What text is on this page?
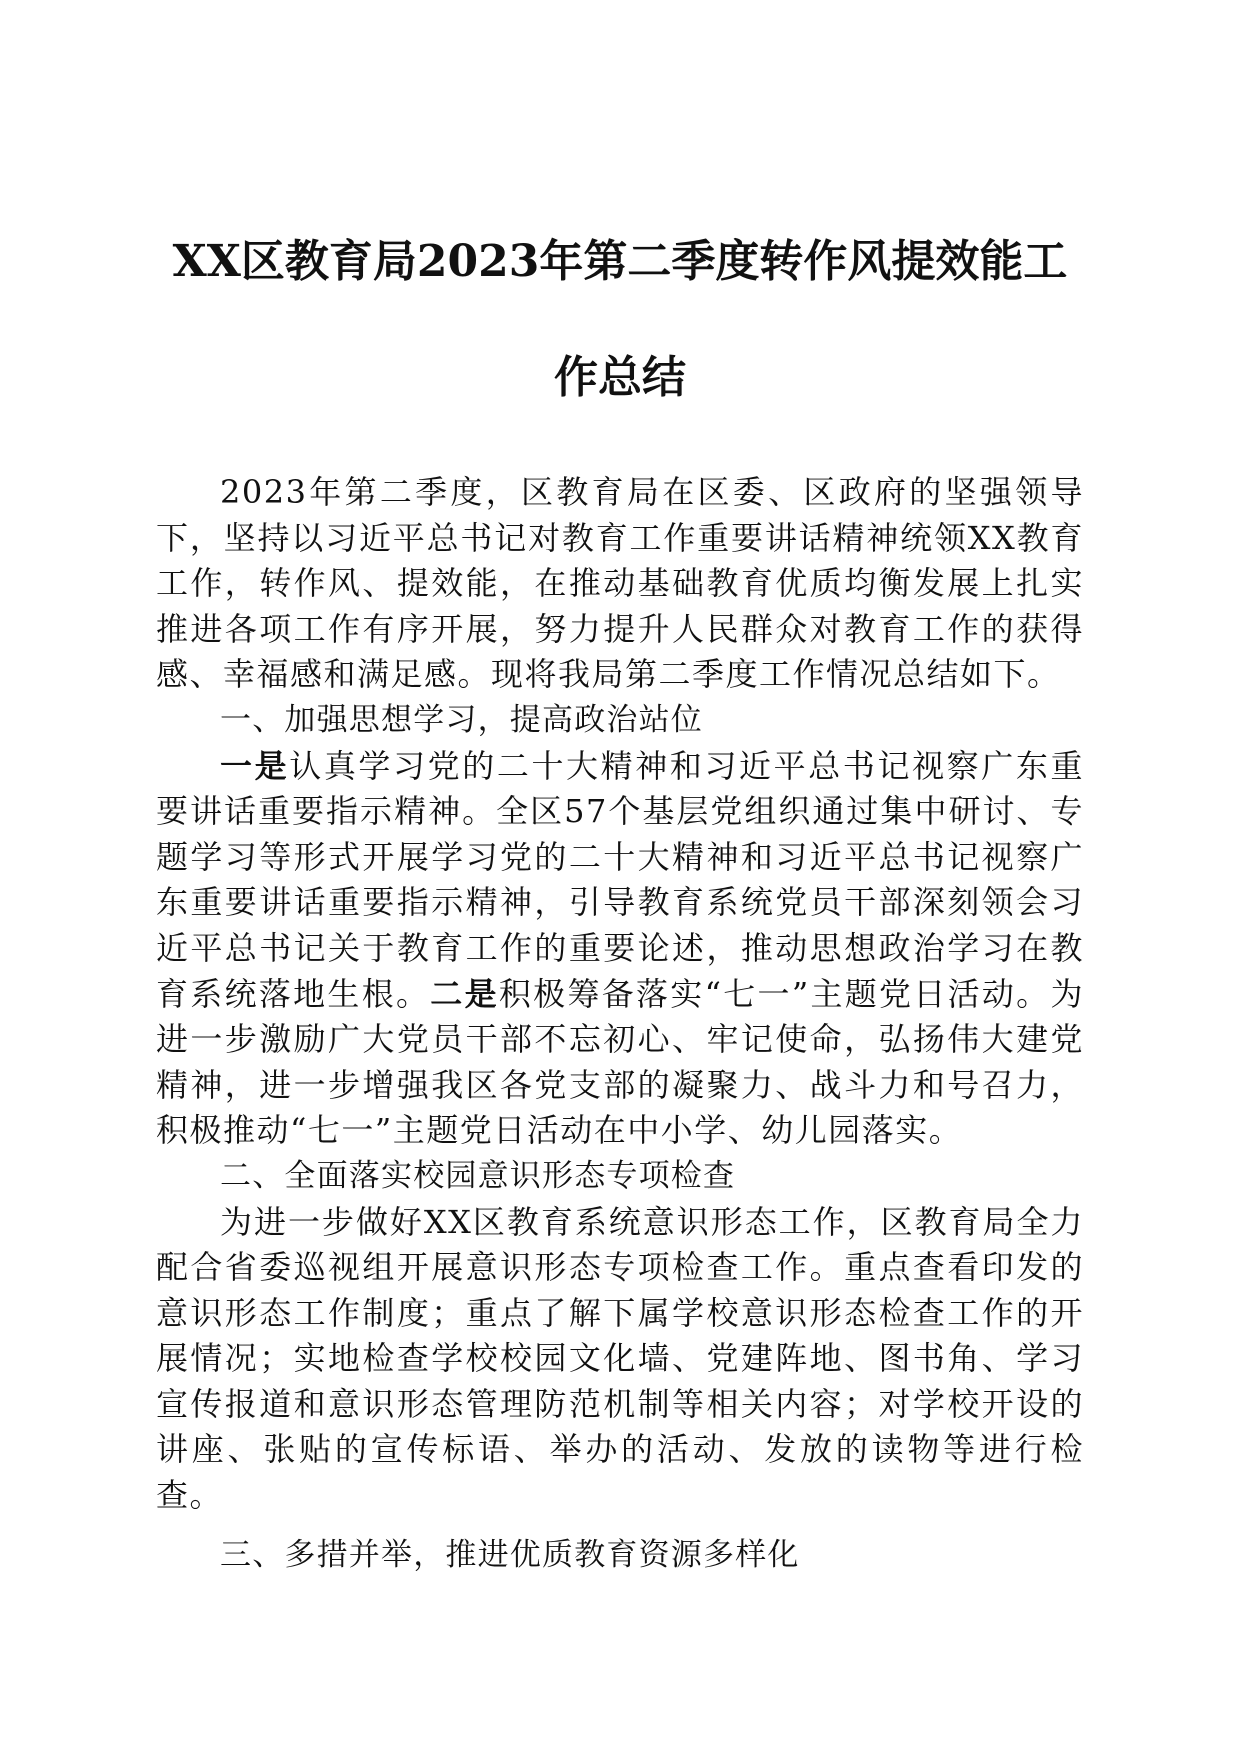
XX区教育局2023年第二季度转作风提效能工
作总结

2023年第二季度，区教育局在区委、区政府的坚强领导下，坚持以习近平总书记对教育工作重要讲话精神统领XX教育工作，转作风、提效能，在推动基础教育优质均衡发展上扎实推进各项工作有序开展，努力提升人民群众对教育工作的获得感、幸福感和满足感。现将我局第二季度工作情况总结如下。

一、加强思想学习，提高政治站位

一是认真学习党的二十大精神和习近平总书记视察广东重要讲话重要指示精神。全区57个基层党组织通过集中研讨、专题学习等形式开展学习党的二十大精神和习近平总书记视察广东重要讲话重要指示精神，引导教育系统党员干部深刻领会习近平总书记关于教育工作的重要论述，推动思想政治学习在教育系统落地生根。二是积极筹备落实“七一”主题党日活动。为进一步激励广大党员干部不忘初心、牢记使命，弘扬伟大建党精神，进一步增强我区各党支部的凝聚力、战斗力和号召力，积极推动“七一”主题党日活动在中小学、幼儿园落实。

二、全面落实校园意识形态专项检查

为进一步做好XX区教育系统意识形态工作，区教育局全力配合省委巡视组开展意识形态专项检查工作。重点查看印发的意识形态工作制度；重点了解下属学校意识形态检查工作的开展情况；实地检查学校校园文化墙、党建阵地、图书角、学习宣传报道和意识形态管理防范机制等相关内容；对学校开设的讲座、张贴的宣传标语、举办的活动、发放的读物等进行检查。

三、多措并举，推进优质教育资源多样化
